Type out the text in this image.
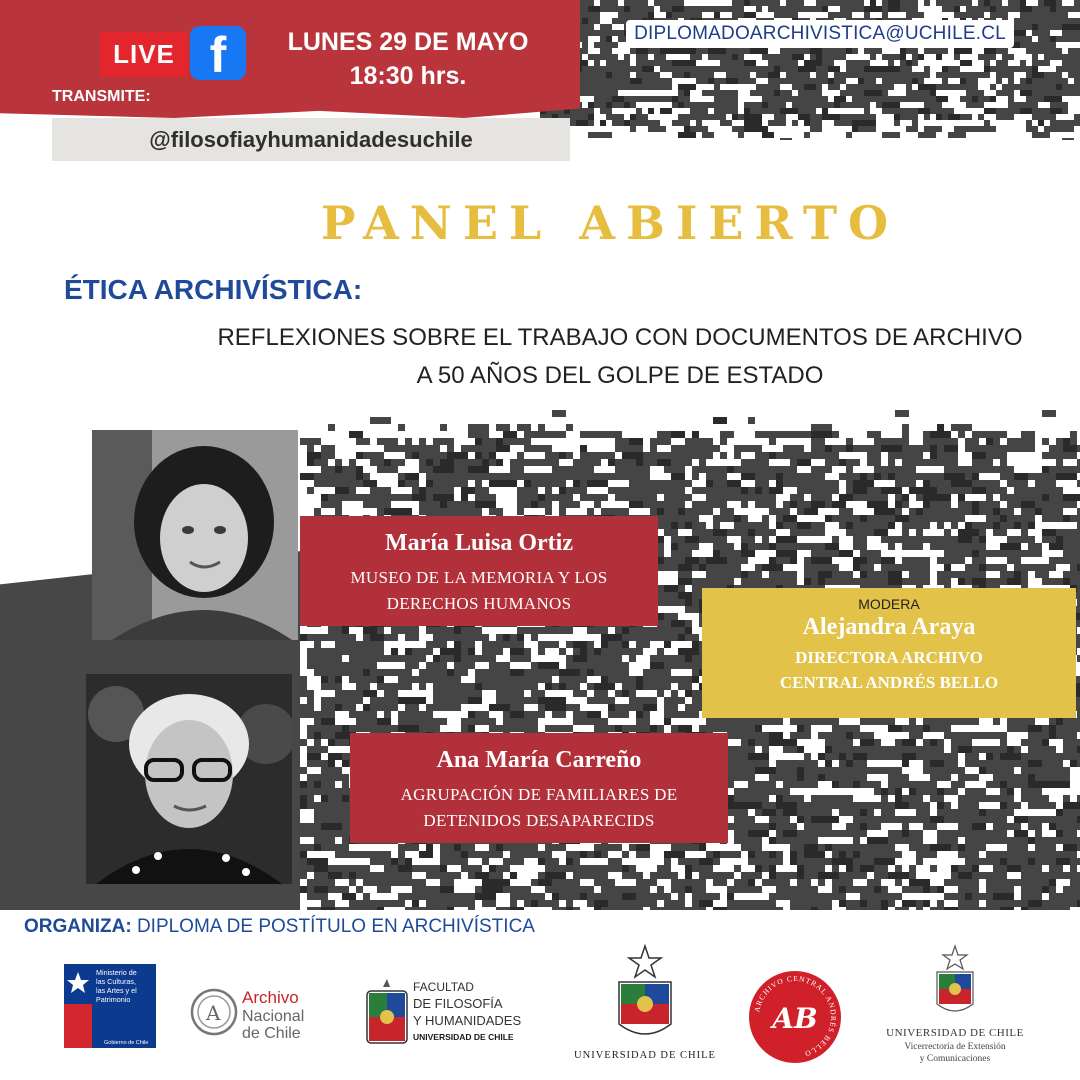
LIVE f
TRANSMITE:
LUNES 29 DE MAYO
18:30 hrs.
@filosofiayhumanidadesuchile
DIPLOMADOARCHIVISTICA@UCHILE.CL
PANEL ABIERTO
ÉTICA ARCHIVÍSTICA:
REFLEXIONES SOBRE EL TRABAJO CON DOCUMENTOS DE ARCHIVO
A 50 AÑOS DEL GOLPE DE ESTADO
María Luisa Ortiz
MUSEO DE LA MEMORIA Y LOS
DERECHOS HUMANOS
Ana María Carreño
AGRUPACIÓN DE FAMILIARES DE
DETENIDOS DESAPARECIDS
MODERA
Alejandra Araya
DIRECTORA ARCHIVO
CENTRAL ANDRÉS BELLO
ORGANIZA: DIPLOMA DE POSTÍTULO EN ARCHIVÍSTICA
Ministerio de
las Culturas,
las Artes y el
Patrimonio
Gobierno de Chile
A
Archivo
Nacional
de Chile
FACULTAD
DE FILOSOFÍA
Y HUMANIDADES
UNIVERSIDAD DE CHILE
UNIVERSIDAD DE CHILE
ARCHIVO CENTRAL ANDRÉS BELLO
AB	UNIVERSIDAD DE CHILE
Vicerrectoría de Extensión
y Comunicaciones
